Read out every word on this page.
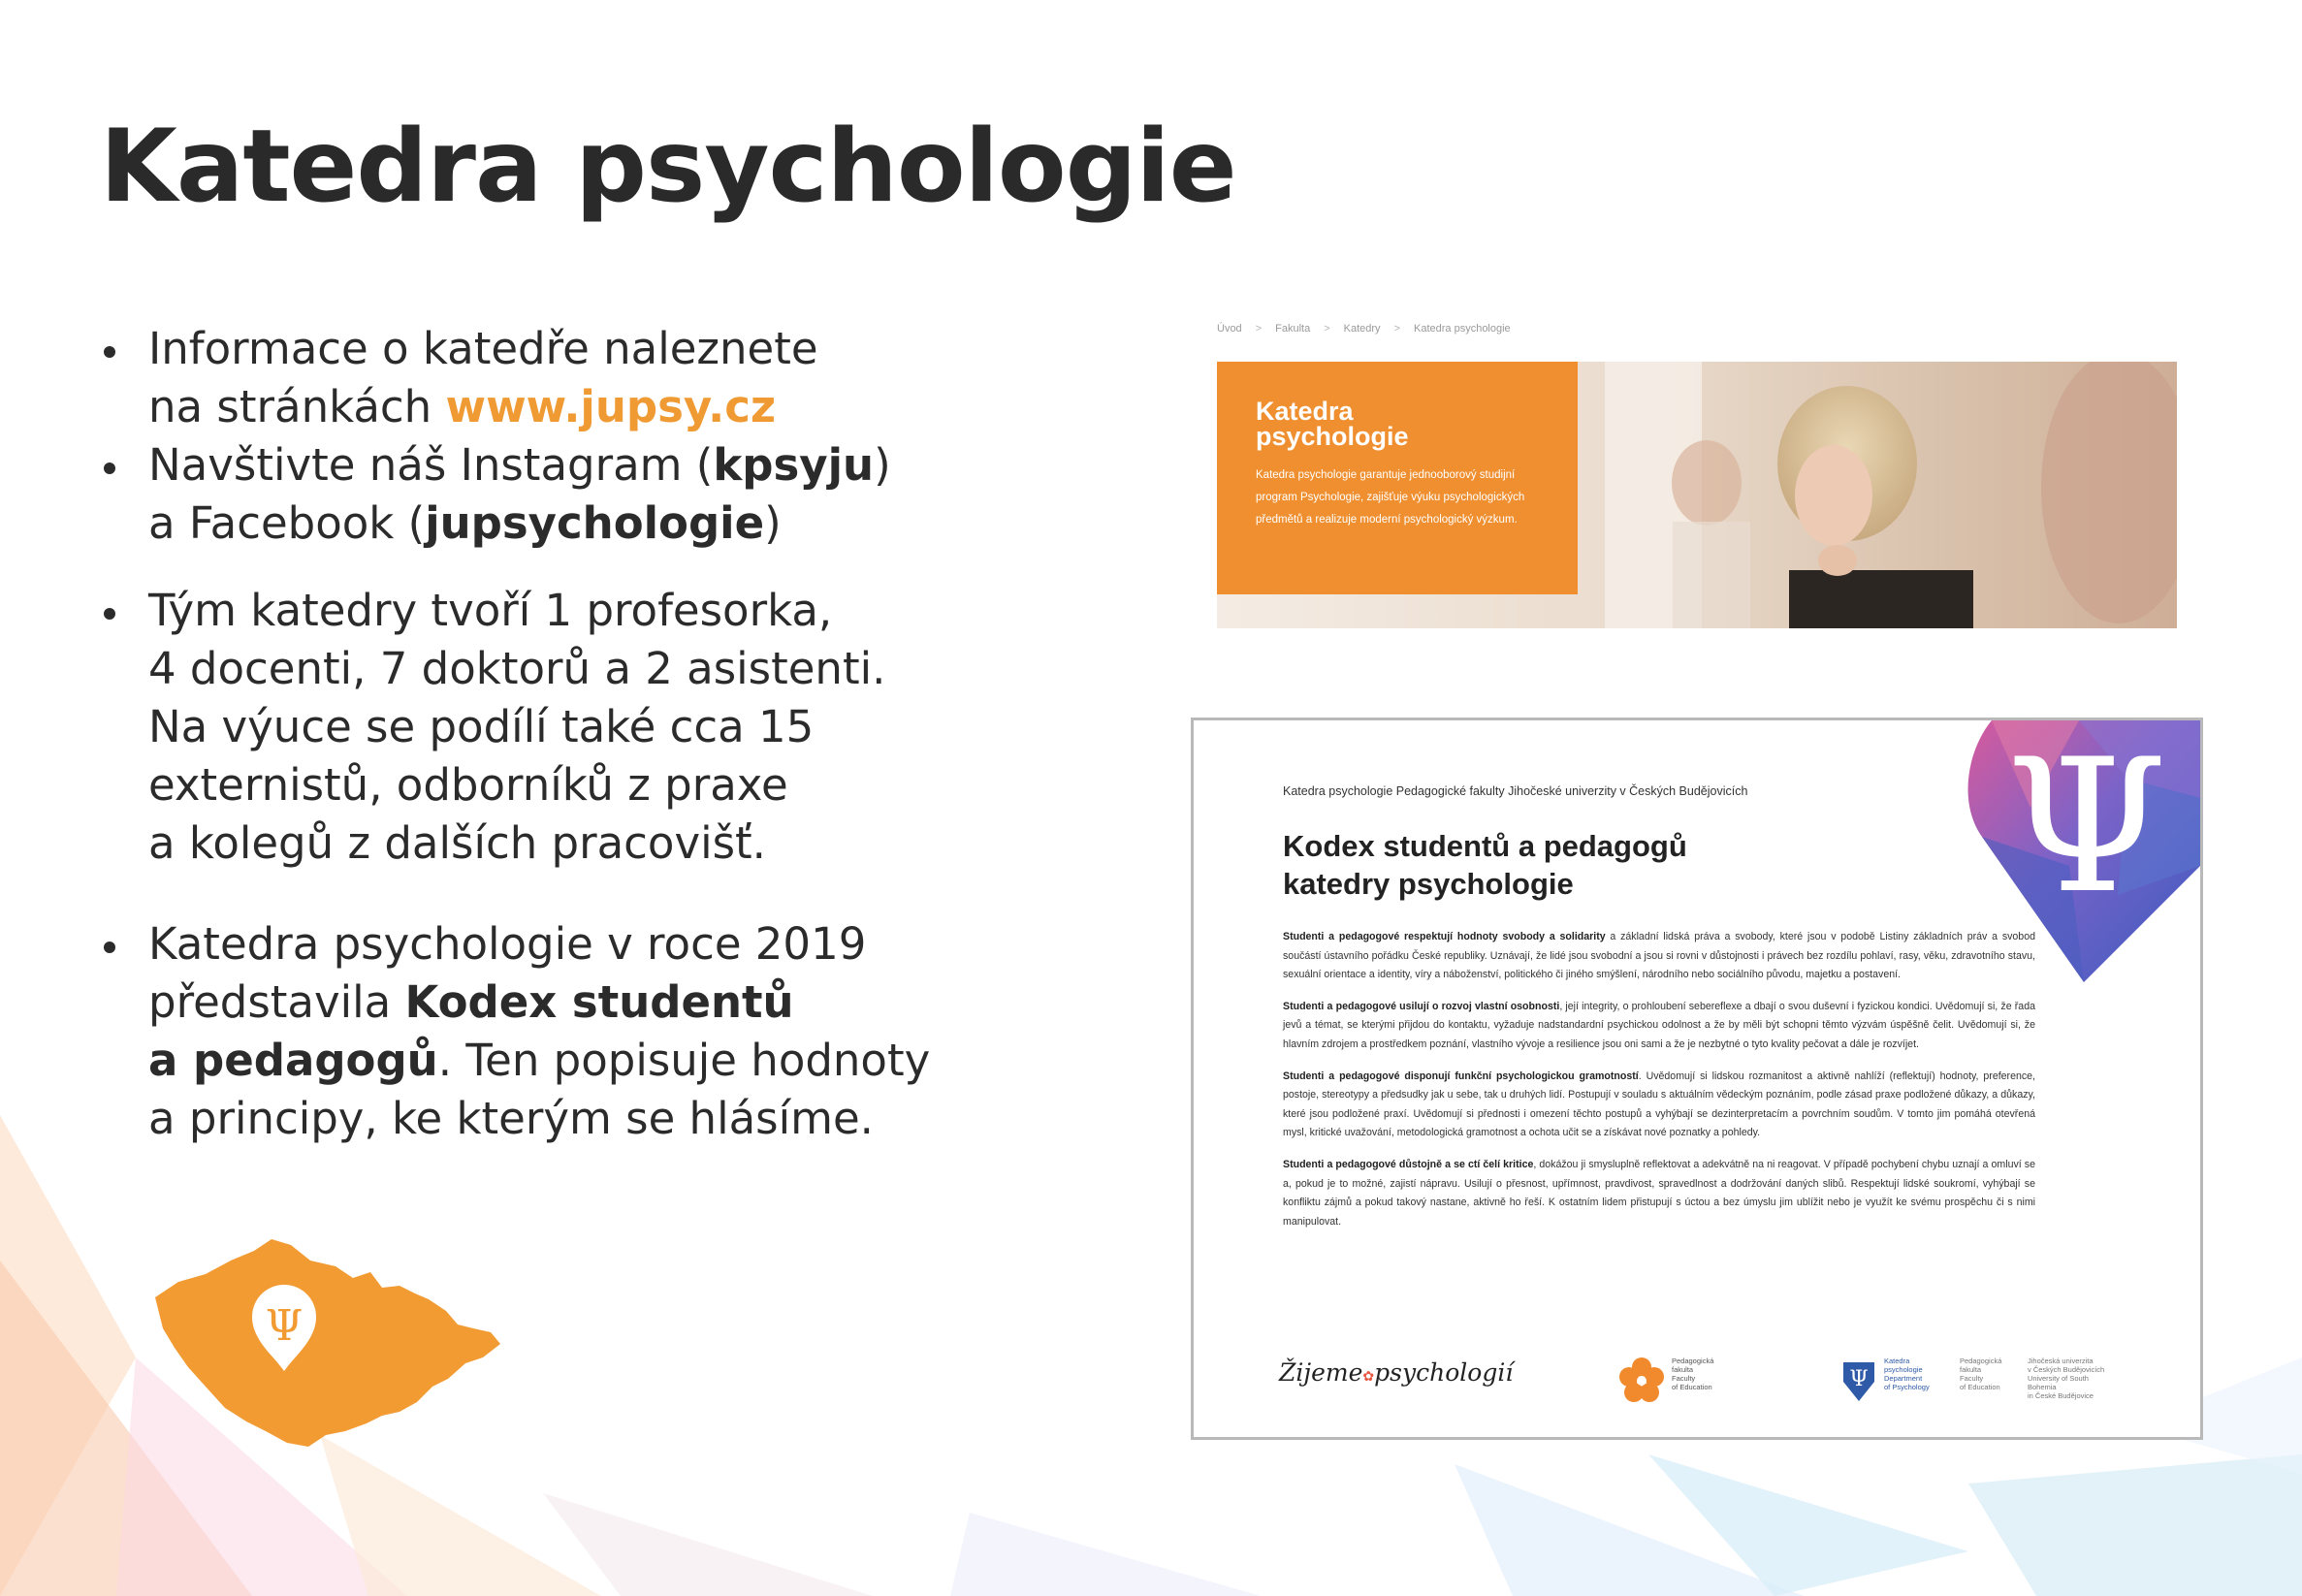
Katedra psychologie
Informace o katedře naleznete
na stránkách www.jupsy.cz
Navštivte náš Instagram (kpsyju)
a Facebook (jupsychologie)
Tým katedry tvoří 1 profesorka,
4 docenti, 7 doktorů a 2 asistenti.
Na výuce se podílí také cca 15
externistů, odborníků z praxe
a kolegů z dalších pracovišť.
Katedra psychologie v roce 2019
představila Kodex studentů
a pedagogů. Ten popisuje hodnoty
a principy, ke kterým se hlásíme.
Ψ
Úvod > Fakulta > Katedry > Katedra psychologie

Katedra psychologie

Katedra psychologie garantuje jednooborový studijní program Psychologie, zajišťuje výuku psychologických předmětů a realizuje moderní psychologický výzkum.

Ψ
Katedra psychologie Pedagogické fakulty Jihočeské univerzity v Českých Budějovicích
Kodex studentů a pedagogů katedry psychologie

Studenti a pedagogové respektují hodnoty svobody a solidarity a základní lidská práva a svobody, které jsou v podobě Listiny základních práv a svobod součástí ústavního pořádku České republiky. Uznávají, že lidé jsou svobodní a jsou si rovni v důstojnosti i právech bez rozdílu pohlaví, rasy, věku, zdravotního stavu, sexuální orientace a identity, víry a náboženství, politického či jiného smýšlení, národního nebo sociálního původu, majetku a postavení.

Studenti a pedagogové usilují o rozvoj vlastní osobnosti, její integrity, o prohloubení sebereflexe a dbají o svou duševní i fyzickou kondici. Uvědomují si, že řada jevů a témat, se kterými přijdou do kontaktu, vyžaduje nadstandardní psychickou odolnost a že by měli být schopni těmto výzvám úspěšně čelit. Uvědomují si, že hlavním zdrojem a prostředkem poznání, vlastního vývoje a resilience jsou oni sami a že je nezbytné o tyto kvality pečovat a dále je rozvíjet.

Studenti a pedagogové disponují funkční psychologickou gramotností. Uvědomují si lidskou rozmanitost a aktivně nahlíží (reflektují) hodnoty, preference, postoje, stereotypy a předsudky jak u sebe, tak u druhých lidí. Postupují v souladu s aktuálním vědeckým poznáním, podle zásad praxe podložené důkazy, a důkazy, které jsou podložené praxí. Uvědomují si přednosti i omezení těchto postupů a vyhýbají se dezinterpretacím a povrchním soudům. V tomto jim pomáhá otevřená mysl, kritické uvažování, metodologická gramotnost a ochota učit se a získávat nové poznatky a pohledy.

Studenti a pedagogové důstojně a se ctí čelí kritice, dokážou ji smysluplně reflektovat a adekvátně na ni reagovat. V případě pochybení chybu uznají a omluví se a, pokud je to možné, zajistí nápravu. Usilují o přesnost, upřímnost, pravdivost, spravedlnost a dodržování daných slibů. Respektují lidské soukromí, vyhýbají se konfliktu zájmů a pokud takový nastane, aktivně ho řeší. K ostatním lidem přistupují s úctou a bez úmyslu jim ublížit nebo je využít ke svému prospěchu či s nimi manipulovat.

Žijeme✿psychologií	Pedagogická
fakulta
Faculty
of Education	Ψ
Katedra
psychologie
Department
of Psychology
Pedagogická
fakulta
Faculty
of Education
Jihočeská univerzita
v Českých Budějovicích
University of South Bohemia
in České Budějovice
